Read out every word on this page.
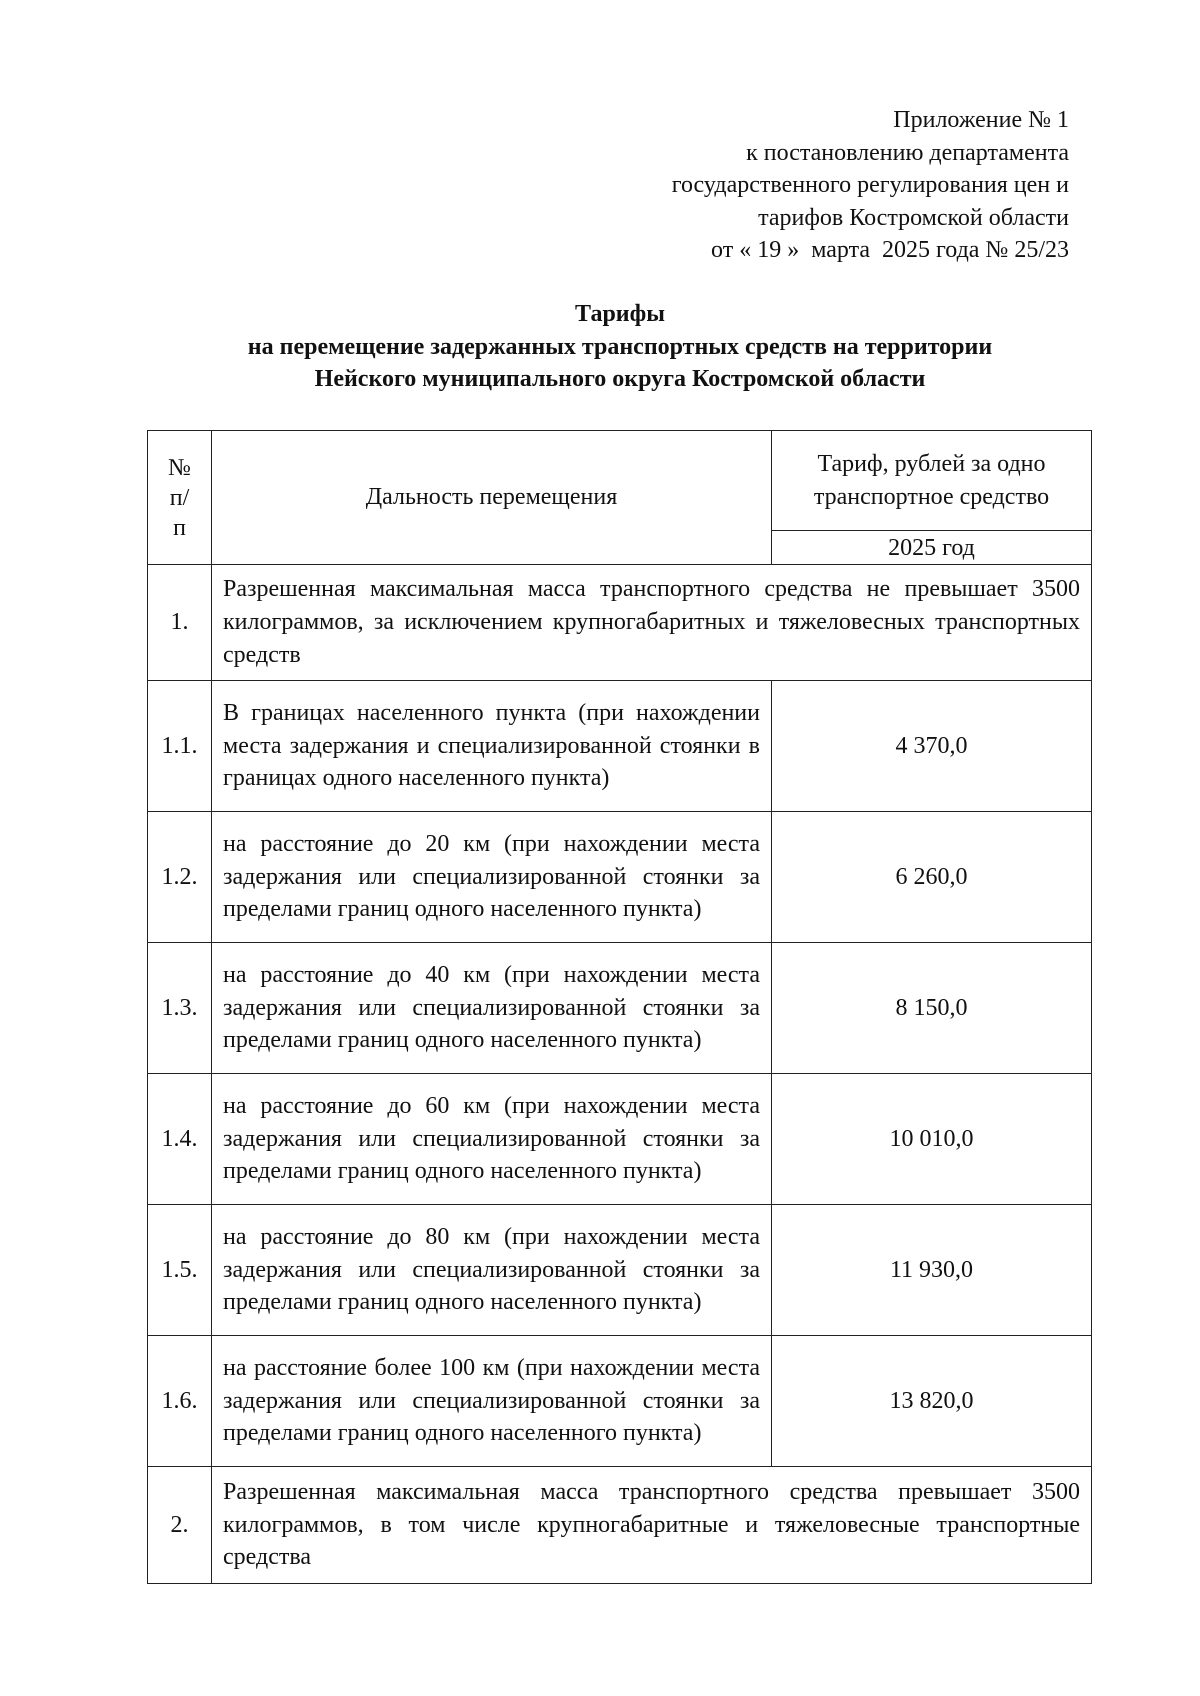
Приложение № 1
к постановлению департамента
государственного регулирования цен и
тарифов Костромской области
от « 19 »  марта  2025 года № 25/23
Тарифы
на перемещение задержанных транспортных средств на территории
Нейского муниципального округа Костромской области
№ п/п	Дальность перемещения	Тариф, рублей за одно транспортное средство

		2025 год
1.	Разрешенная максимальная масса транспортного средства не превышает 3500 килограммов, за исключением крупногабаритных и тяжеловесных транспортных средств	
1.1.	В границах населенного пункта (при нахождении места задержания и специализированной стоянки в границах одного населенного пункта)	4 370,0
1.2.	на расстояние до 20 км (при нахождении места задержания или специализированной стоянки за пределами границ одного населенного пункта)	6 260,0
1.3.	на расстояние до 40 км (при нахождении места задержания или специализированной стоянки за пределами границ одного населенного пункта)	8 150,0
1.4.	на расстояние до 60 км (при нахождении места задержания или специализированной стоянки за пределами границ одного населенного пункта)	10 010,0
1.5.	на расстояние до 80 км (при нахождении места задержания или специализированной стоянки за пределами границ одного населенного пункта)	11 930,0
1.6.	на расстояние более 100 км (при нахождении места задержания или специализированной стоянки за пределами границ одного населенного пункта)	13 820,0
2.	Разрешенная максимальная масса транспортного средства превышает 3500 килограммов, в том числе крупногабаритные и тяжеловесные транспортные средства	
